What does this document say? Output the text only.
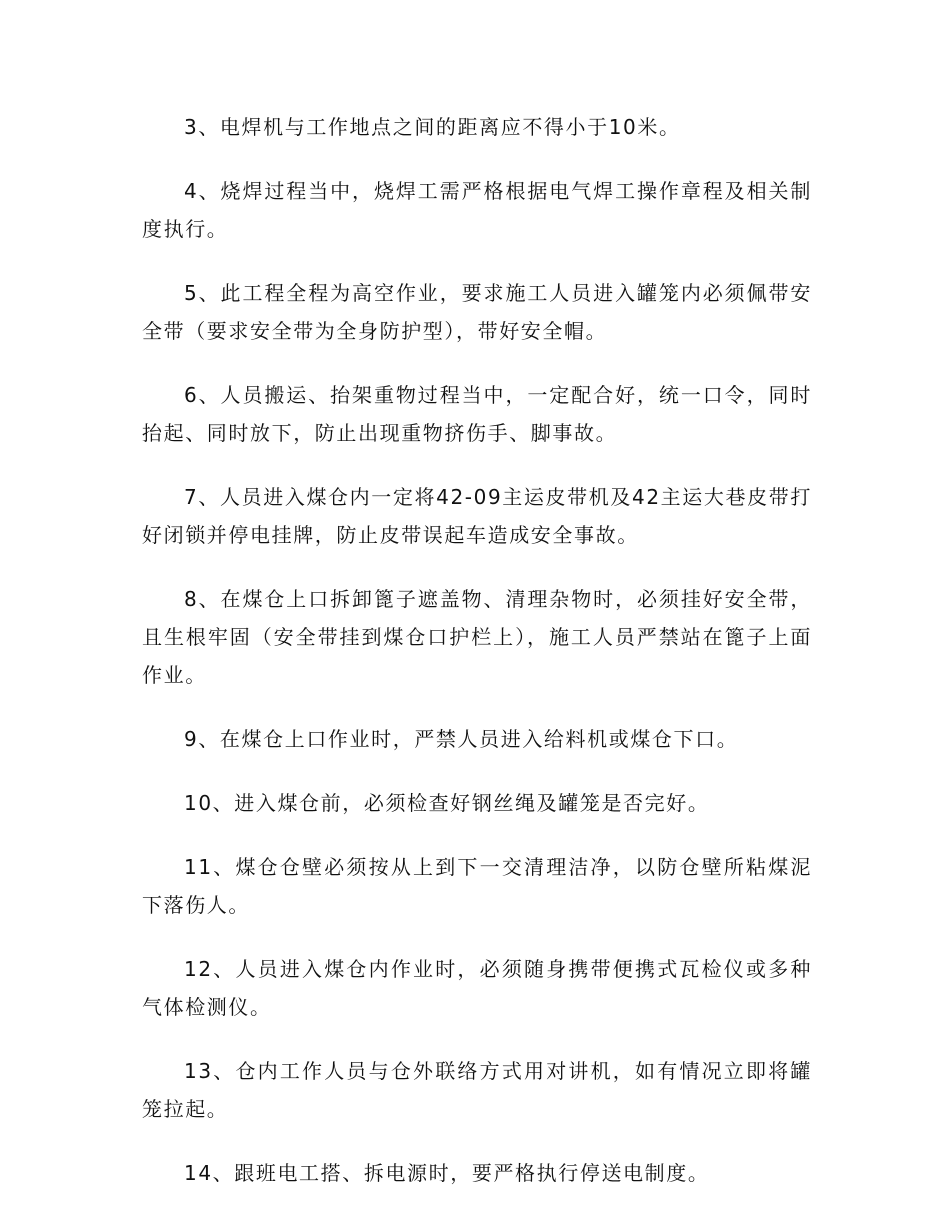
3、电焊机与工作地点之间的距离应不得小于10米。

4、烧焊过程当中，烧焊工需严格根据电气焊工操作章程及相关制度执行。

5、此工程全程为高空作业，要求施工人员进入罐笼内必须佩带安全带（要求安全带为全身防护型），带好安全帽。

6、人员搬运、抬架重物过程当中，一定配合好，统一口令，同时抬起、同时放下，防止出现重物挤伤手、脚事故。

7、人员进入煤仓内一定将42-09主运皮带机及42主运大巷皮带打好闭锁并停电挂牌，防止皮带误起车造成安全事故。

8、在煤仓上口拆卸篦子遮盖物、清理杂物时，必须挂好安全带，且生根牢固（安全带挂到煤仓口护栏上），施工人员严禁站在篦子上面作业。

9、在煤仓上口作业时，严禁人员进入给料机或煤仓下口。

10、进入煤仓前，必须检查好钢丝绳及罐笼是否完好。

11、煤仓仓壁必须按从上到下一交清理洁净，以防仓壁所粘煤泥下落伤人。

12、人员进入煤仓内作业时，必须随身携带便携式瓦检仪或多种气体检测仪。

13、仓内工作人员与仓外联络方式用对讲机，如有情况立即将罐笼拉起。

14、跟班电工搭、拆电源时，要严格执行停送电制度。
